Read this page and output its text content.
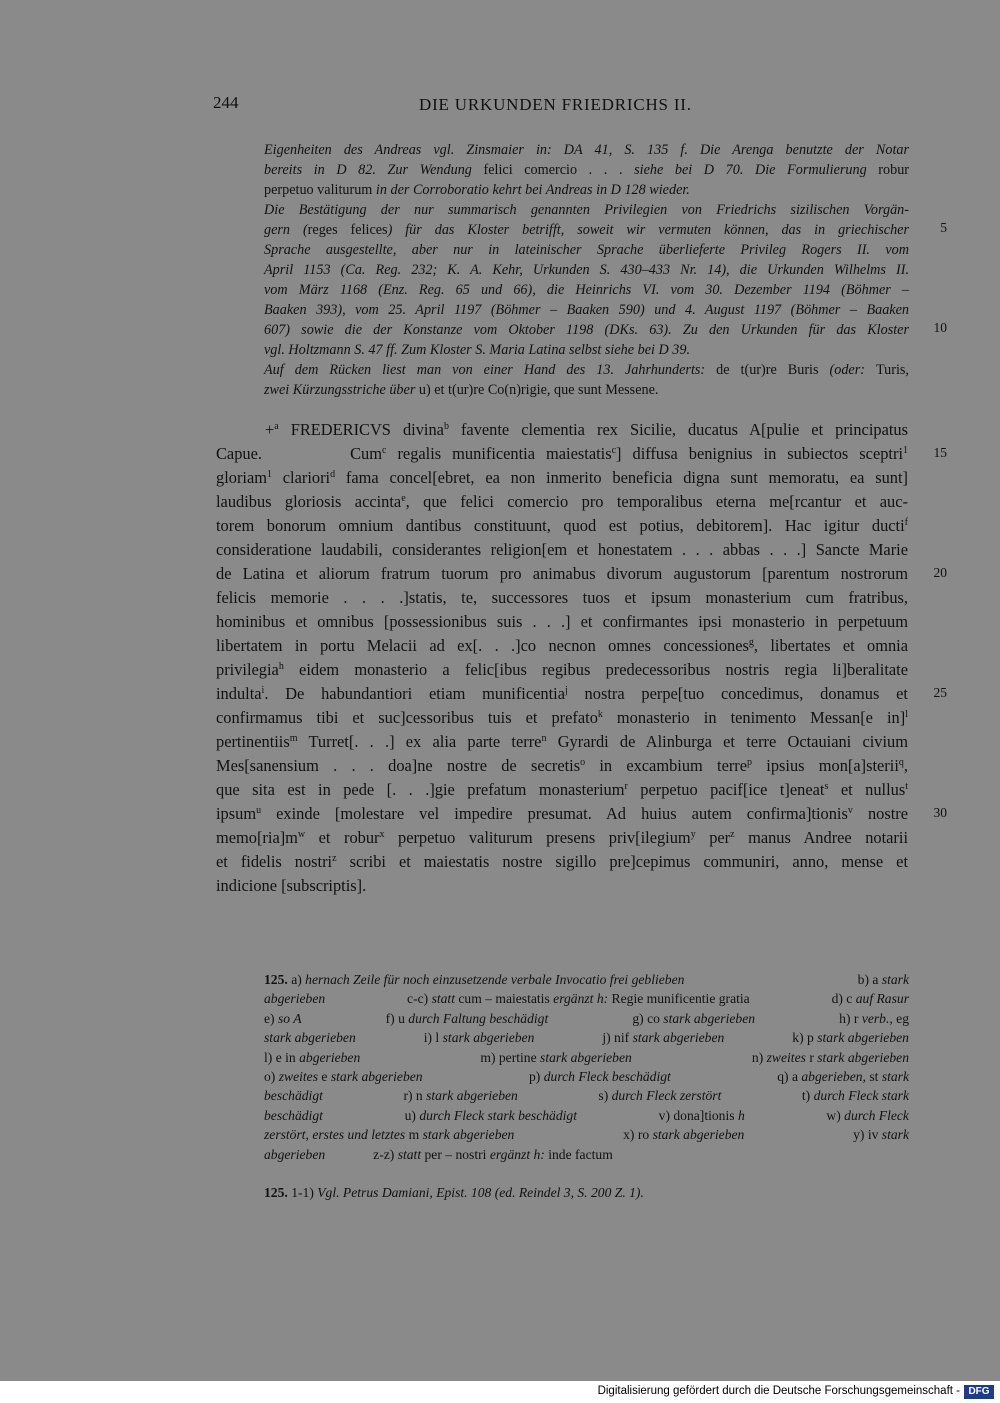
244	DIE URKUNDEN FRIEDRICHS II.
Eigenheiten des Andreas vgl. Zinsmaier in: DA 41, S. 135 f. Die Arenga benutzte der Notar
bereits in D 82. Zur Wendung felici comercio . . . siehe bei D 70. Die Formulierung robur
perpetuo valiturum in der Corroboratio kehrt bei Andreas in D 128 wieder.
Die Bestätigung der nur summarisch genannten Privilegien von Friedrichs sizilischen Vorgän-
gern (reges felices) für das Kloster betrifft, soweit wir vermuten können, das in griechischer
Sprache ausgestellte, aber nur in lateinischer Sprache überlieferte Privileg Rogers II. vom
April 1153 (Ca. Reg. 232; K. A. Kehr, Urkunden S. 430–433 Nr. 14), die Urkunden Wilhelms II.
vom März 1168 (Enz. Reg. 65 und 66), die Heinrichs VI. vom 30. Dezember 1194 (Böhmer –
Baaken 393), vom 25. April 1197 (Böhmer – Baaken 590) und 4. August 1197 (Böhmer – Baaken
607) sowie die der Konstanze vom Oktober 1198 (DKs. 63). Zu den Urkunden für das Kloster
vgl. Holtzmann S. 47 ff. Zum Kloster S. Maria Latina selbst siehe bei D 39.
Auf dem Rücken liest man von einer Hand des 13. Jahrhunderts: de t(ur)re Buris (oder: Turis,
zwei Kürzungsstriche über u) et t(ur)re Co(n)rigie, que sunt Messene.
+$^a$ FREDERICVS divina$^b$ favente clementia rex Sicilie, ducatus A[pulie et principatus
Capue.        Cum$^c$ regalis munificentia maiestatis$^c$] diffusa benignius in subiectos sceptri$^1$
gloriam$^1$ clariori$^d$ fama concel[ebret, ea non inmerito beneficia digna sunt memoratu, ea sunt]
laudibus gloriosis accinta$^e$, que felici comercio pro temporalibus eterna me[rcantur et auc-
torem bonorum omnium dantibus constituunt, quod est potius, debitorem]. Hac igitur ducti$^f$
consideratione laudabili, considerantes religion[em et honestatem . . . abbas . . .] Sancte Marie
de Latina et aliorum fratrum tuorum pro animabus divorum augustorum [parentum nostrorum
felicis memorie . . . .]statis, te, successores tuos et ipsum monasterium cum fratribus,
hominibus et omnibus [possessionibus suis . . .] et confirmantes ipsi monasterio in perpetuum
libertatem in portu Melacii ad ex[. . .]co necnon omnes concessiones$^g$, libertates et omnia
privilegia$^h$ eidem monasterio a felic[ibus regibus predecessoribus nostris regia li]beralitate
indulta$^i$. De habundantiori etiam munificentia$^j$ nostra perpe[tuo concedimus, donamus et
confirmamus tibi et suc]cessoribus tuis et prefato$^k$ monasterio in tenimento Messan[e in]$^l$
pertinentiis$^m$ Turret[. . .] ex alia parte terre$^n$ Gyrardi de Alinburga et terre Octauiani civium
Mes[sanensium . . . doa]ne nostre de secretis$^o$ in excambium terre$^p$ ipsius mon[a]sterii$^q$,
que sita est in pede [. . .]gie prefatum monasterium$^r$ perpetuo pacif[ice t]eneat$^s$ et nullus$^t$
ipsum$^u$ exinde [molestare vel impedire presumat. Ad huius autem confirma]tionis$^v$ nostre
$memo[ria]m^w$ et robur$^x$ perpetuo valiturum presens priv[ilegium$^y$ per$^z$ manus Andree notarii
et fidelis nostri$^z$ scribi et maiestatis nostre sigillo pre]cepimus communiri, anno, mense et
indicione [subscriptis].
5
10
15
20
25
30
125. a) hernach Zeile für noch einzusetzende verbale Invocatio frei geblieben	b) a stark
abgerieben	c-c) statt cum – maiestatis ergänzt h: Regie munificentie gratia	d) c auf Rasur
e) so A	f) u durch Faltung beschädigt	g) co stark abgerieben	h) r verb., eg
stark abgerieben	i) l stark abgerieben	j) nif stark abgerieben	k) p stark abgerieben
l) e in abgerieben	m) pertine stark abgerieben	n) zweites r stark abgerieben
o) zweites e stark abgerieben	p) durch Fleck beschädigt	q) a abgerieben, st stark
beschädigt	r) n stark abgerieben	s) durch Fleck zerstört	t) durch Fleck stark
beschädigt	u) durch Fleck stark beschädigt	v) dona]tionis h	w) durch Fleck
zerstört, erstes und letztes m stark abgerieben	x) ro stark abgerieben	y) iv stark
abgerieben	z-z) statt per – nostri ergänzt h: inde factum
125. 1-1) Vgl. Petrus Damiani, Epist. 108 (ed. Reindel 3, S. 200 Z. 1).
Digitalisierung gefördert durch die Deutsche Forschungsgemeinschaft - DFG
